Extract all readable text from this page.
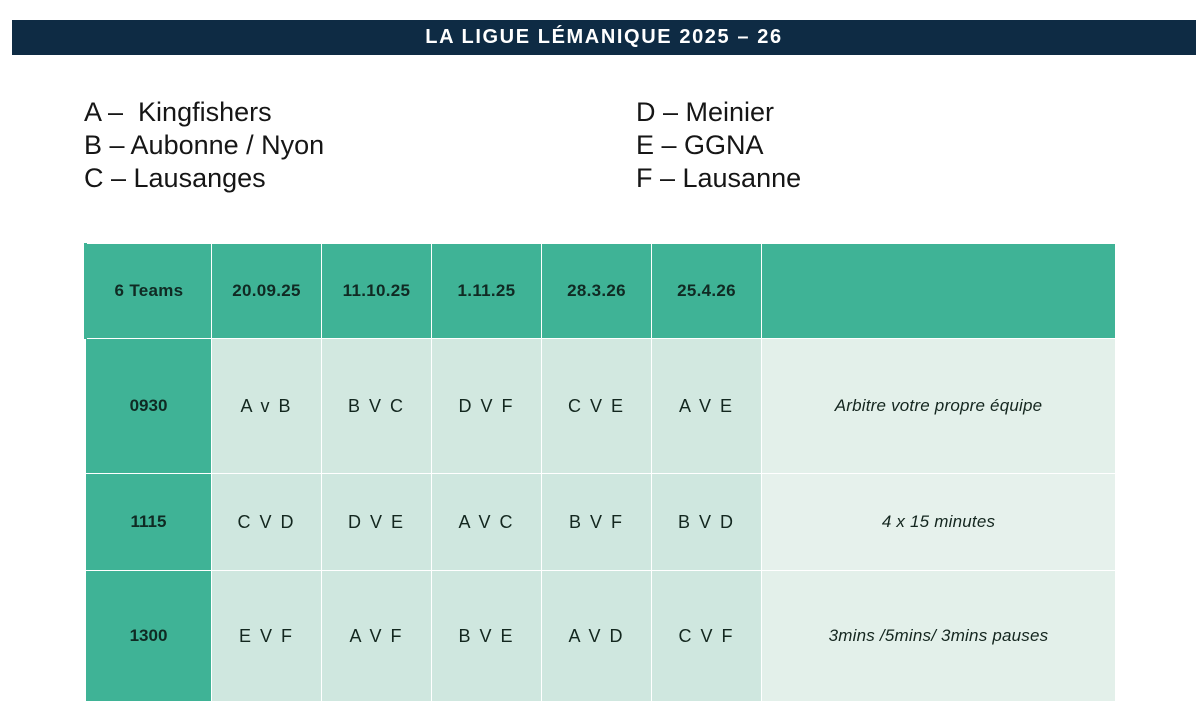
LA LIGUE LÉMANIQUE 2025 – 26
A –  Kingfishers
B – Aubonne / Nyon
C – Lausanges
D – Meinier
E – GGNA
F – Lausanne
6 Teams	20.09.25	11.10.25	1.11.25	28.3.26	25.4.26	

0930	A v B	B V C	D V F	C V E	A V E	Arbitre votre propre équipe

1115	C V D	D V E	A V C	B V F	B V D	4 x 15 minutes

1300	E V F	A V F	B V E	A V D	C V F	3mins /5mins/ 3mins pauses
